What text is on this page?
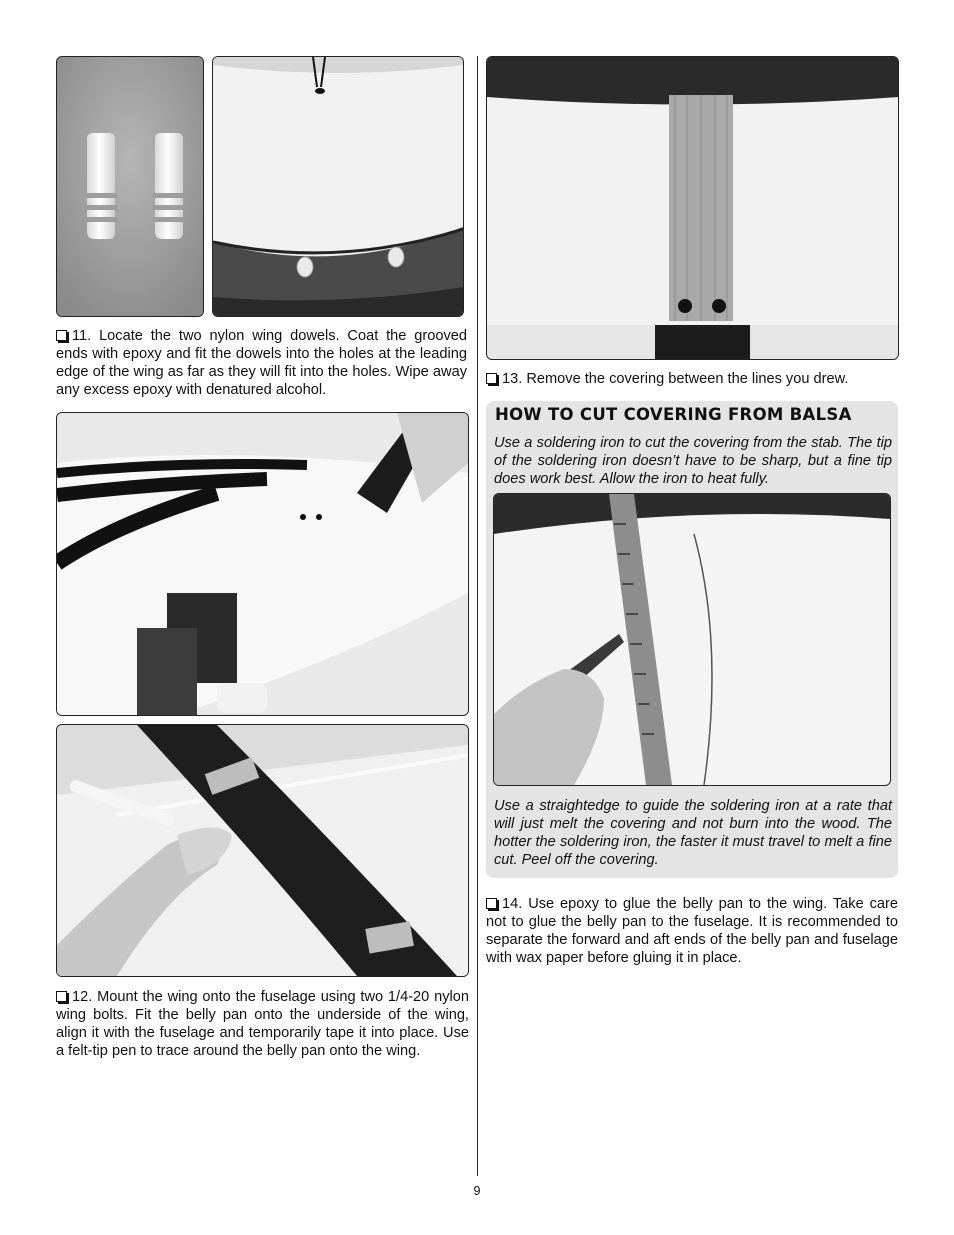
11. Locate the two nylon wing dowels. Coat the grooved ends with epoxy and fit the dowels into the holes at the leading edge of the wing as far as they will fit into the holes. Wipe away any excess epoxy with denatured alcohol.

12. Mount the wing onto the fuselage using two 1/4-20 nylon wing bolts. Fit the belly pan onto the underside of the wing, align it with the fuselage and temporarily tape it into place. Use a felt-tip pen to trace around the belly pan onto the wing.

13. Remove the covering between the lines you drew.

HOW TO CUT COVERING FROM BALSA

Use a soldering iron to cut the covering from the stab. The tip of the soldering iron doesn’t have to be sharp, but a fine tip does work best. Allow the iron to heat fully.

Use a straightedge to guide the soldering iron at a rate that will just melt the covering and not burn into the wood. The hotter the soldering iron, the faster it must travel to melt a fine cut. Peel off the covering.

14. Use epoxy to glue the belly pan to the wing. Take care not to glue the belly pan to the fuselage. It is recommended to separate the forward and aft ends of the belly pan and fuselage with wax paper before gluing it in place.

9
